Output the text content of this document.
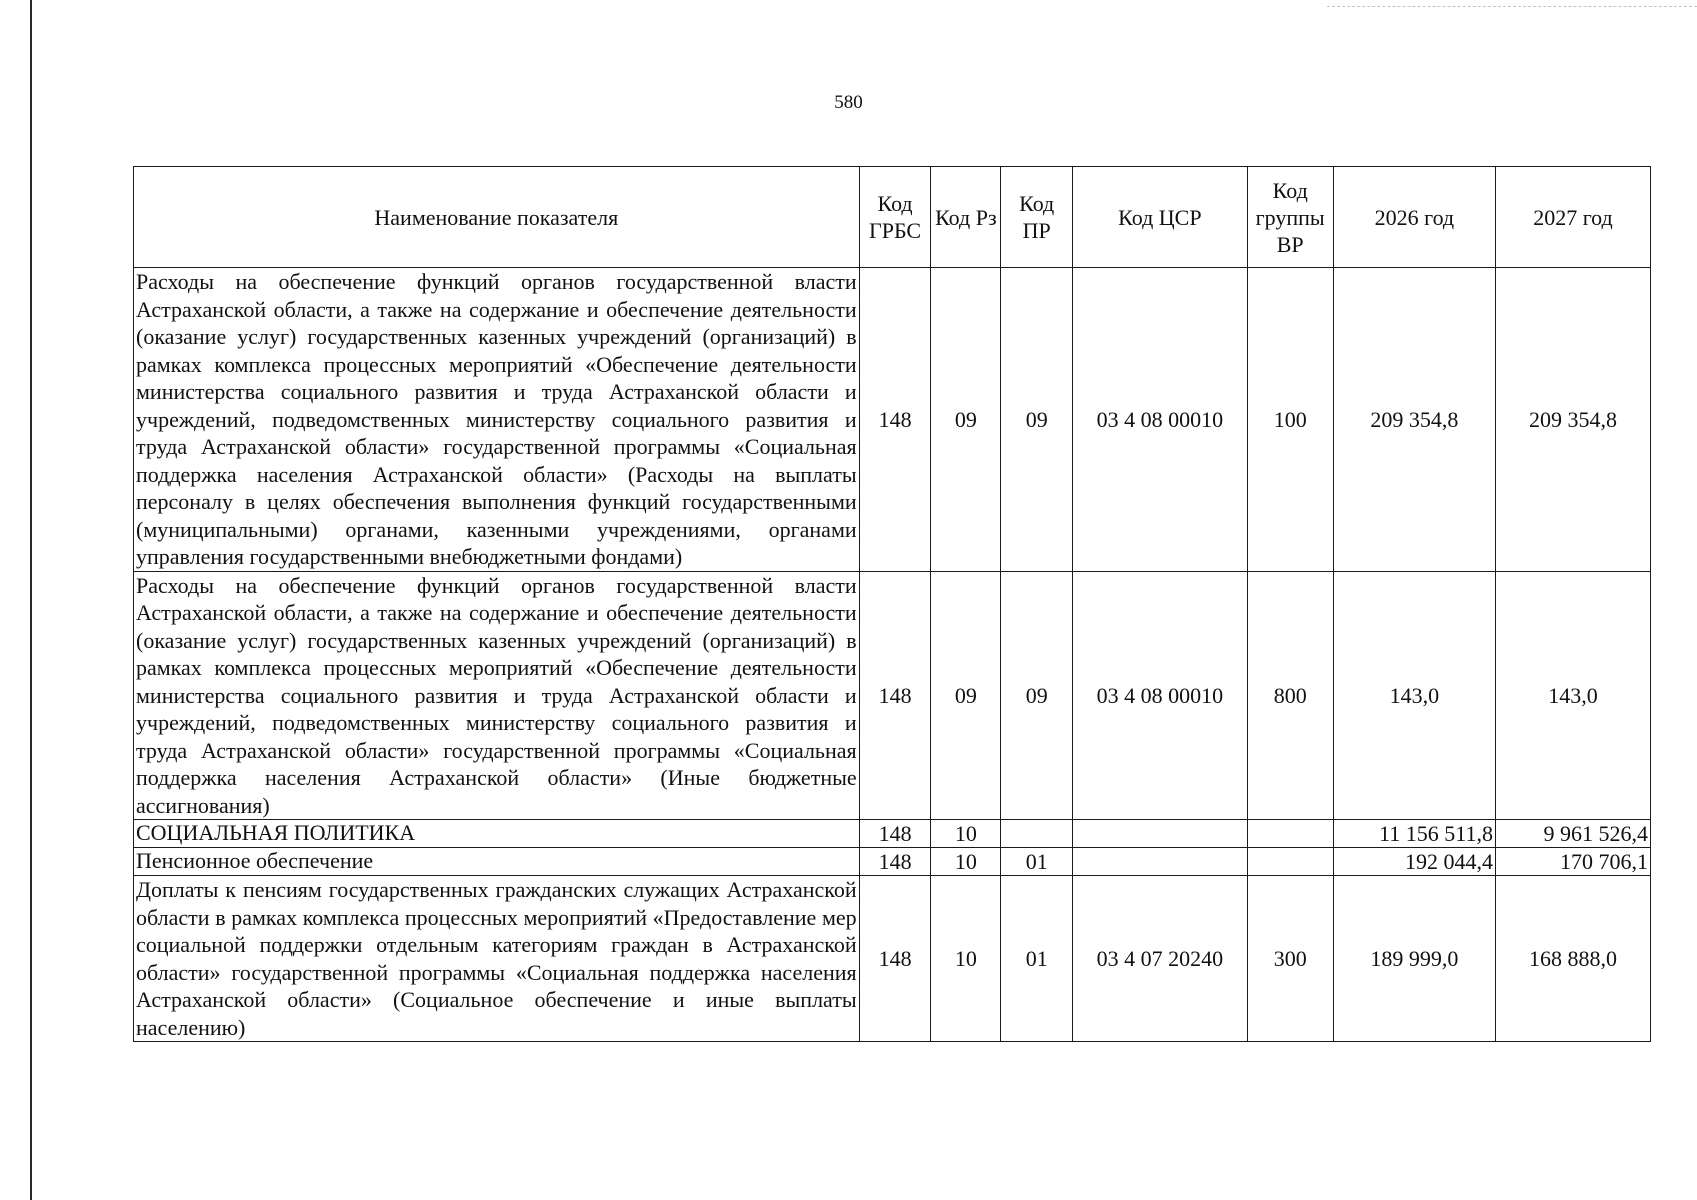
580
Наименование показателя	Код ГРБС	Код Рз	Код ПР	Код ЦСР	Код группы ВР	2026 год	2027 год
Расходы на обеспечение функций органов государственной власти Астраханской области, а также на содержание и обеспечение деятельности (оказание услуг) государственных казенных учреждений (организаций) в рамках комплекса процессных мероприятий «Обеспечение деятельности министерства социального развития и труда Астраханской области и учреждений, подведомственных министерству социального развития и труда Астраханской области» государственной программы «Социальная поддержка населения Астраханской области» (Расходы на выплаты персоналу в целях обеспечения выполнения функций государственными (муниципальными) органами, казенными учреждениями, органами управления государственными внебюджетными фондами)	148	09	09	03 4 08 00010	100	209 354,8	209 354,8
Расходы на обеспечение функций органов государственной власти Астраханской области, а также на содержание и обеспечение деятельности (оказание услуг) государственных казенных учреждений (организаций) в рамках комплекса процессных мероприятий «Обеспечение деятельности министерства социального развития и труда Астраханской области и учреждений, подведомственных министерству социального развития и труда Астраханской области» государственной программы «Социальная поддержка населения Астраханской области» (Иные бюджетные ассигнования)	148	09	09	03 4 08 00010	800	143,0	143,0
СОЦИАЛЬНАЯ ПОЛИТИКА	148	10				11 156 511,8	9 961 526,4
Пенсионное обеспечение	148	10	01			192 044,4	170 706,1
Доплаты к пенсиям государственных гражданских служащих Астраханской области в рамках комплекса процессных мероприятий «Предоставление мер социальной поддержки отдельным категориям граждан в Астраханской области» государственной программы «Социальная поддержка населения Астраханской области» (Социальное обеспечение и иные выплаты населению)	148	10	01	03 4 07 20240	300	189 999,0	168 888,0
